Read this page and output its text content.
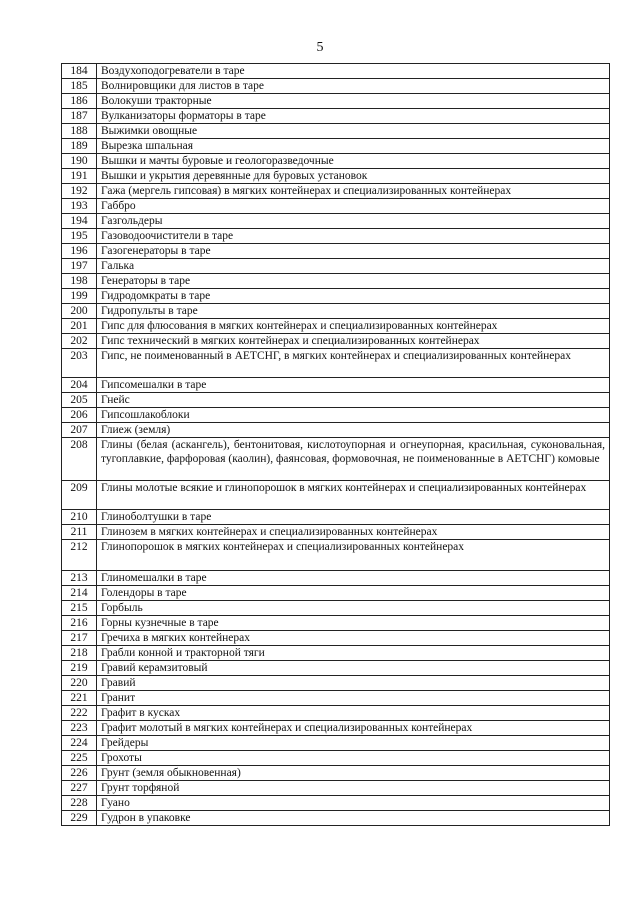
5
184	Воздухоподогреватели в таре
185	Волнировщики для листов в таре
186	Волокуши тракторные
187	Вулканизаторы форматоры в таре
188	Выжимки овощные
189	Вырезка шпальная
190	Вышки и мачты буровые и геологоразведочные
191	Вышки и укрытия деревянные для буровых установок
192	Гажа (мергель гипсовая) в мягких контейнерах и специализированных контейнерах
193	Габбро
194	Газгольдеры
195	Газоводоочистители в таре
196	Газогенераторы в таре
197	Галька
198	Генераторы в таре
199	Гидродомкраты в таре
200	Гидропульты в таре
201	Гипс для флюсования в мягких контейнерах и специализированных контейнерах
202	Гипс технический в мягких контейнерах и специализированных контейнерах
203	Гипс, не поименованный в АЕТСНГ, в мягких контейнерах и специализированных контейнерах
204	Гипсомешалки в таре
205	Гнейс
206	Гипсошлакоблоки
207	Глиеж (земля)
208	Глины (белая (аскангель), бентонитовая, кислотоупорная и огнеупорная, красильная, суконовальная, тугоплавкие, фарфоровая (каолин), фаянсовая, формовочная, не поименованные в АЕТСНГ) комовые
209	Глины молотые всякие и глинопорошок в мягких контейнерах и специализированных контейнерах
210	Глиноболтушки в таре
211	Глинозем в мягких контейнерах и специализированных контейнерах
212	Глинопорошок в мягких контейнерах и специализированных контейнерах
213	Глиномешалки в таре
214	Голендоры в таре
215	Горбыль
216	Горны кузнечные в таре
217	Гречиха в мягких контейнерах
218	Грабли конной и тракторной тяги
219	Гравий керамзитовый
220	Гравий
221	Гранит
222	Графит в кусках
223	Графит молотый в мягких контейнерах и специализированных контейнерах
224	Грейдеры
225	Грохоты
226	Грунт (земля обыкновенная)
227	Грунт торфяной
228	Гуано
229	Гудрон в упаковке
